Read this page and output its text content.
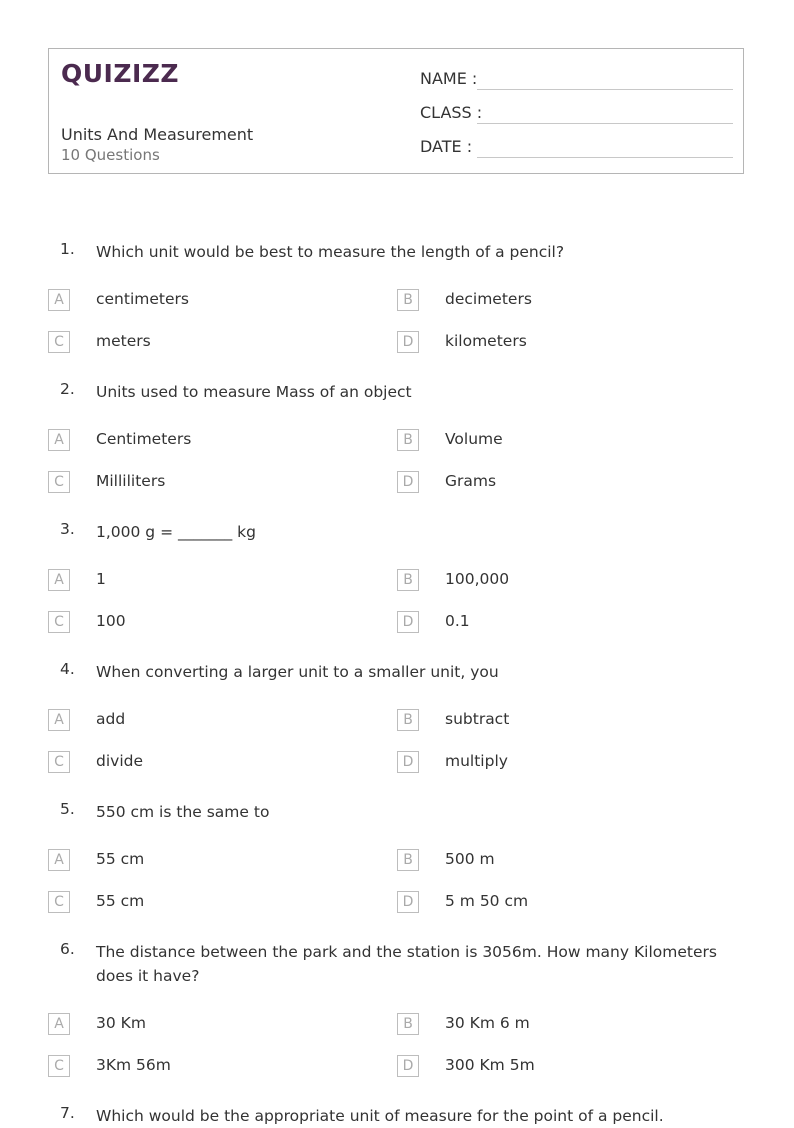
QUIZIZZ
Units And Measurement
10 Questions
NAME :
CLASS :
DATE :
1. Which unit would be best to measure the length of a pencil?
A	centimeters	B	decimeters
C	meters	D	kilometers
2. Units used to measure Mass of an object
A	Centimeters	B	Volume
C	Milliliters	D	Grams
3. 1,000 g = _______ kg
A	1	B	100,000
C	100	D	0.1
4. When converting a larger unit to a smaller unit, you
A	add	B	subtract
C	divide	D	multiply
5. 550 cm is the same to
A	55 cm	B	500 m
C	55 cm	D	5 m 50 cm
6. The distance between the park and the station is 3056m. How many Kilometers does it have?
A	30 Km	B	30 Km 6 m
C	3Km 56m	D	300 Km 5m
7. Which would be the appropriate unit of measure for the point of a pencil.
